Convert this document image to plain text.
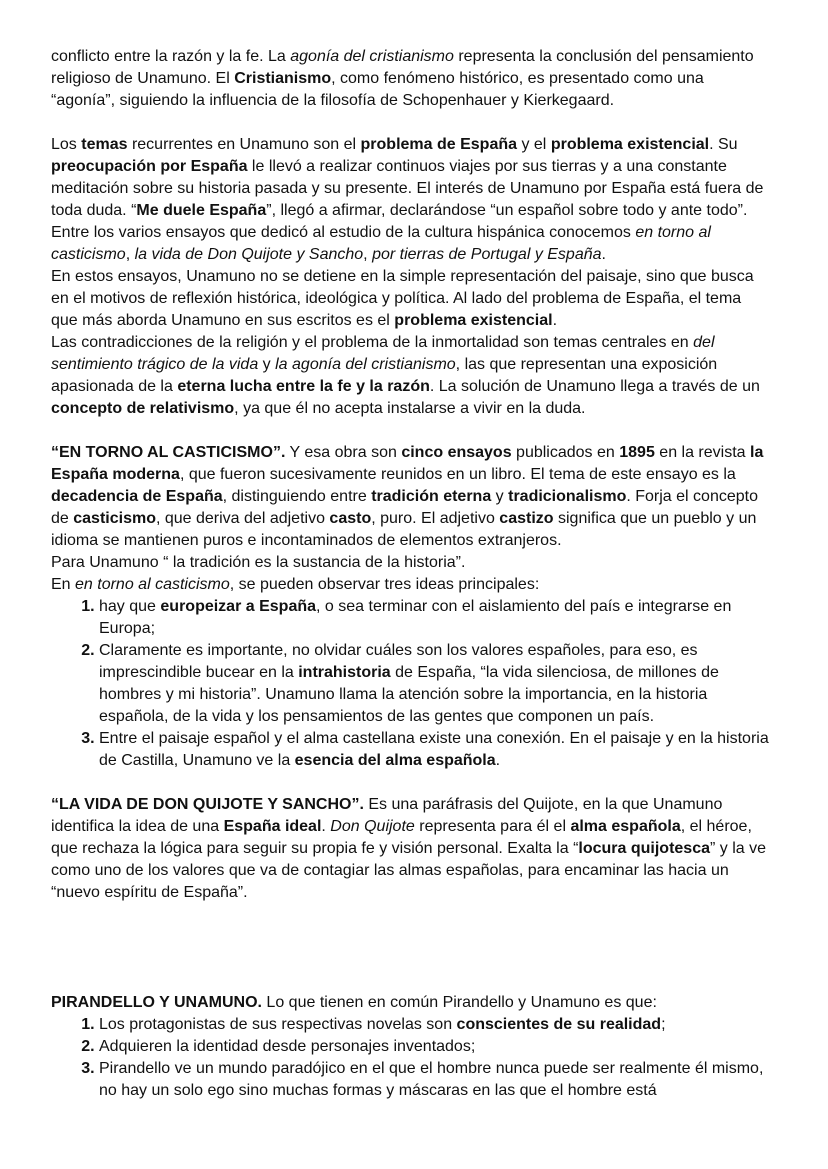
conflicto entre la razón y la fe. La agonía del cristianismo representa la conclusión del pensamiento religioso de Unamuno. El Cristianismo, como fenómeno histórico, es presentado como una “agonía”, siguiendo la influencia de la filosofía de Schopenhauer y Kierkegaard.

Los temas recurrentes en Unamuno son el problema de España y el problema existencial. Su preocupación por España le llevó a realizar continuos viajes por sus tierras y a una constante meditación sobre su historia pasada y su presente. El interés de Unamuno por España está fuera de toda duda. “Me duele España”, llegó a afirmar, declarándose “un español sobre todo y ante todo”. Entre los varios ensayos que dedicó al estudio de la cultura hispánica conocemos en torno al casticismo, la vida de Don Quijote y Sancho, por tierras de Portugal y España.

En estos ensayos, Unamuno no se detiene en la simple representación del paisaje, sino que busca en el motivos de reflexión histórica, ideológica y política. Al lado del problema de España, el tema que más aborda Unamuno en sus escritos es el problema existencial.

Las contradicciones de la religión y el problema de la inmortalidad son temas centrales en del sentimiento trágico de la vida y la agonía del cristianismo, las que representan una exposición apasionada de la eterna lucha entre la fe y la razón. La solución de Unamuno llega a través de un concepto de relativismo, ya que él no acepta instalarse a vivir en la duda.

“EN TORNO AL CASTICISMO”. Y esa obra son cinco ensayos publicados en 1895 en la revista la España moderna, que fueron sucesivamente reunidos en un libro. El tema de este ensayo es la decadencia de España, distinguiendo entre tradición eterna y tradicionalismo. Forja el concepto de casticismo, que deriva del adjetivo casto, puro. El adjetivo castizo significa que un pueblo y un idioma se mantienen puros e incontaminados de elementos extranjeros.

Para Unamuno “ la tradición es la sustancia de la historia”.

En en torno al casticismo, se pueden observar tres ideas principales:

1. hay que europeizar a España, o sea terminar con el aislamiento del país e integrarse en Europa;
2. Claramente es importante, no olvidar cuáles son los valores españoles, para eso, es imprescindible bucear en la intrahistoria de España, “la vida silenciosa, de millones de hombres y mi historia”. Unamuno llama la atención sobre la importancia, en la historia española, de la vida y los pensamientos de las gentes que componen un país.
3. Entre el paisaje español y el alma castellana existe una conexión. En el paisaje y en la historia de Castilla, Unamuno ve la esencia del alma española.

“LA VIDA DE DON QUIJOTE Y SANCHO”. Es una paráfrasis del Quijote, en la que Unamuno identifica la idea de una España ideal. Don Quijote representa para él el alma española, el héroe, que rechaza la lógica para seguir su propia fe y visión personal. Exalta la “locura quijotesca” y la ve como uno de los valores que va de contagiar las almas españolas, para encaminar las hacia un “nuevo espíritu de España”.

PIRANDELLO Y UNAMUNO. Lo que tienen en común Pirandello y Unamuno es que:

1. Los protagonistas de sus respectivas novelas son conscientes de su realidad;
2. Adquieren la identidad desde personajes inventados;
3. Pirandello ve un mundo paradójico en el que el hombre nunca puede ser realmente él mismo, no hay un solo ego sino muchas formas y máscaras en las que el hombre está
